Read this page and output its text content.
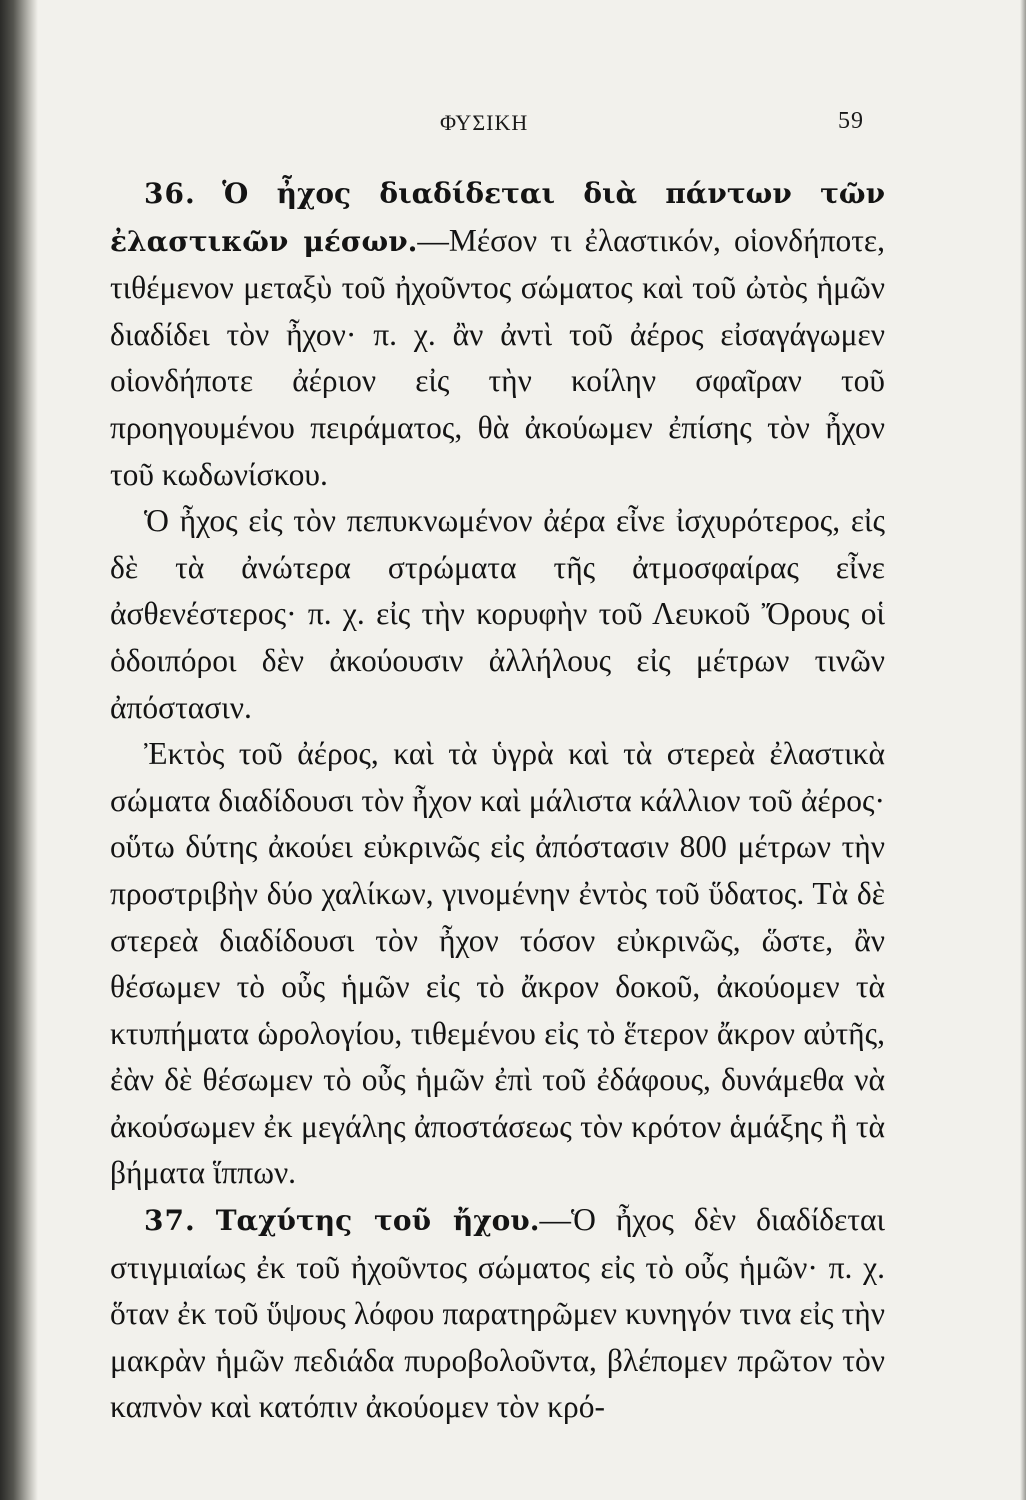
ΦΥΣΙΚΗ	59

36. Ὁ ἦχος διαδίδεται διὰ πάντων τῶν ἐλαστικῶν μέσων.—Μέσον τι ἐλαστικόν, οἱονδήποτε, τιθέμενον μεταξὺ τοῦ ἠχοῦντος σώματος καὶ τοῦ ὠτὸς ἡμῶν διαδίδει τὸν ἦχον· π. χ. ἂν ἀντὶ τοῦ ἀέρος εἰσαγάγωμεν οἱονδήποτε ἀέριον εἰς τὴν κοίλην σφαῖραν τοῦ προηγουμένου πειράματος, θὰ ἀκούωμεν ἐπίσης τὸν ἦχον τοῦ κωδωνίσκου.

Ὁ ἦχος εἰς τὸν πεπυκνωμένον ἀέρα εἶνε ἰσχυρότερος, εἰς δὲ τὰ ἀνώτερα στρώματα τῆς ἀτμοσφαίρας εἶνε ἀσθενέστερος· π. χ. εἰς τὴν κορυφὴν τοῦ Λευκοῦ Ὄρους οἱ ὁδοιπόροι δὲν ἀκούουσιν ἀλλήλους εἰς μέτρων τινῶν ἀπόστασιν.

Ἐκτὸς τοῦ ἀέρος, καὶ τὰ ὑγρὰ καὶ τὰ στερεὰ ἐλαστικὰ σώματα διαδίδουσι τὸν ἦχον καὶ μάλιστα κάλλιον τοῦ ἀέρος· οὕτω δύτης ἀκούει εὐκρινῶς εἰς ἀπόστασιν 800 μέτρων τὴν προστριβὴν δύο χαλίκων, γινομένην ἐντὸς τοῦ ὕδατος. Τὰ δὲ στερεὰ διαδίδουσι τὸν ἦχον τόσον εὐκρινῶς, ὥστε, ἂν θέσωμεν τὸ οὖς ἡμῶν εἰς τὸ ἄκρον δοκοῦ, ἀκούομεν τὰ κτυπήματα ὡρολογίου, τιθεμένου εἰς τὸ ἕτερον ἄκρον αὐτῆς, ἐὰν δὲ θέσωμεν τὸ οὖς ἡμῶν ἐπὶ τοῦ ἐδάφους, δυνάμεθα νὰ ἀκούσωμεν ἐκ μεγάλης ἀποστάσεως τὸν κρότον ἁμάξης ἢ τὰ βήματα ἵππων.

37. Ταχύτης τοῦ ἤχου.—Ὁ ἦχος δὲν διαδίδεται στιγμιαίως ἐκ τοῦ ἠχοῦντος σώματος εἰς τὸ οὖς ἡμῶν· π. χ. ὅταν ἐκ τοῦ ὕψους λόφου παρατηρῶμεν κυνηγόν τινα εἰς τὴν μακρὰν ἡμῶν πεδιάδα πυροβολοῦντα, βλέπομεν πρῶτον τὸν καπνὸν καὶ κατόπιν ἀκούομεν τὸν κρό-
